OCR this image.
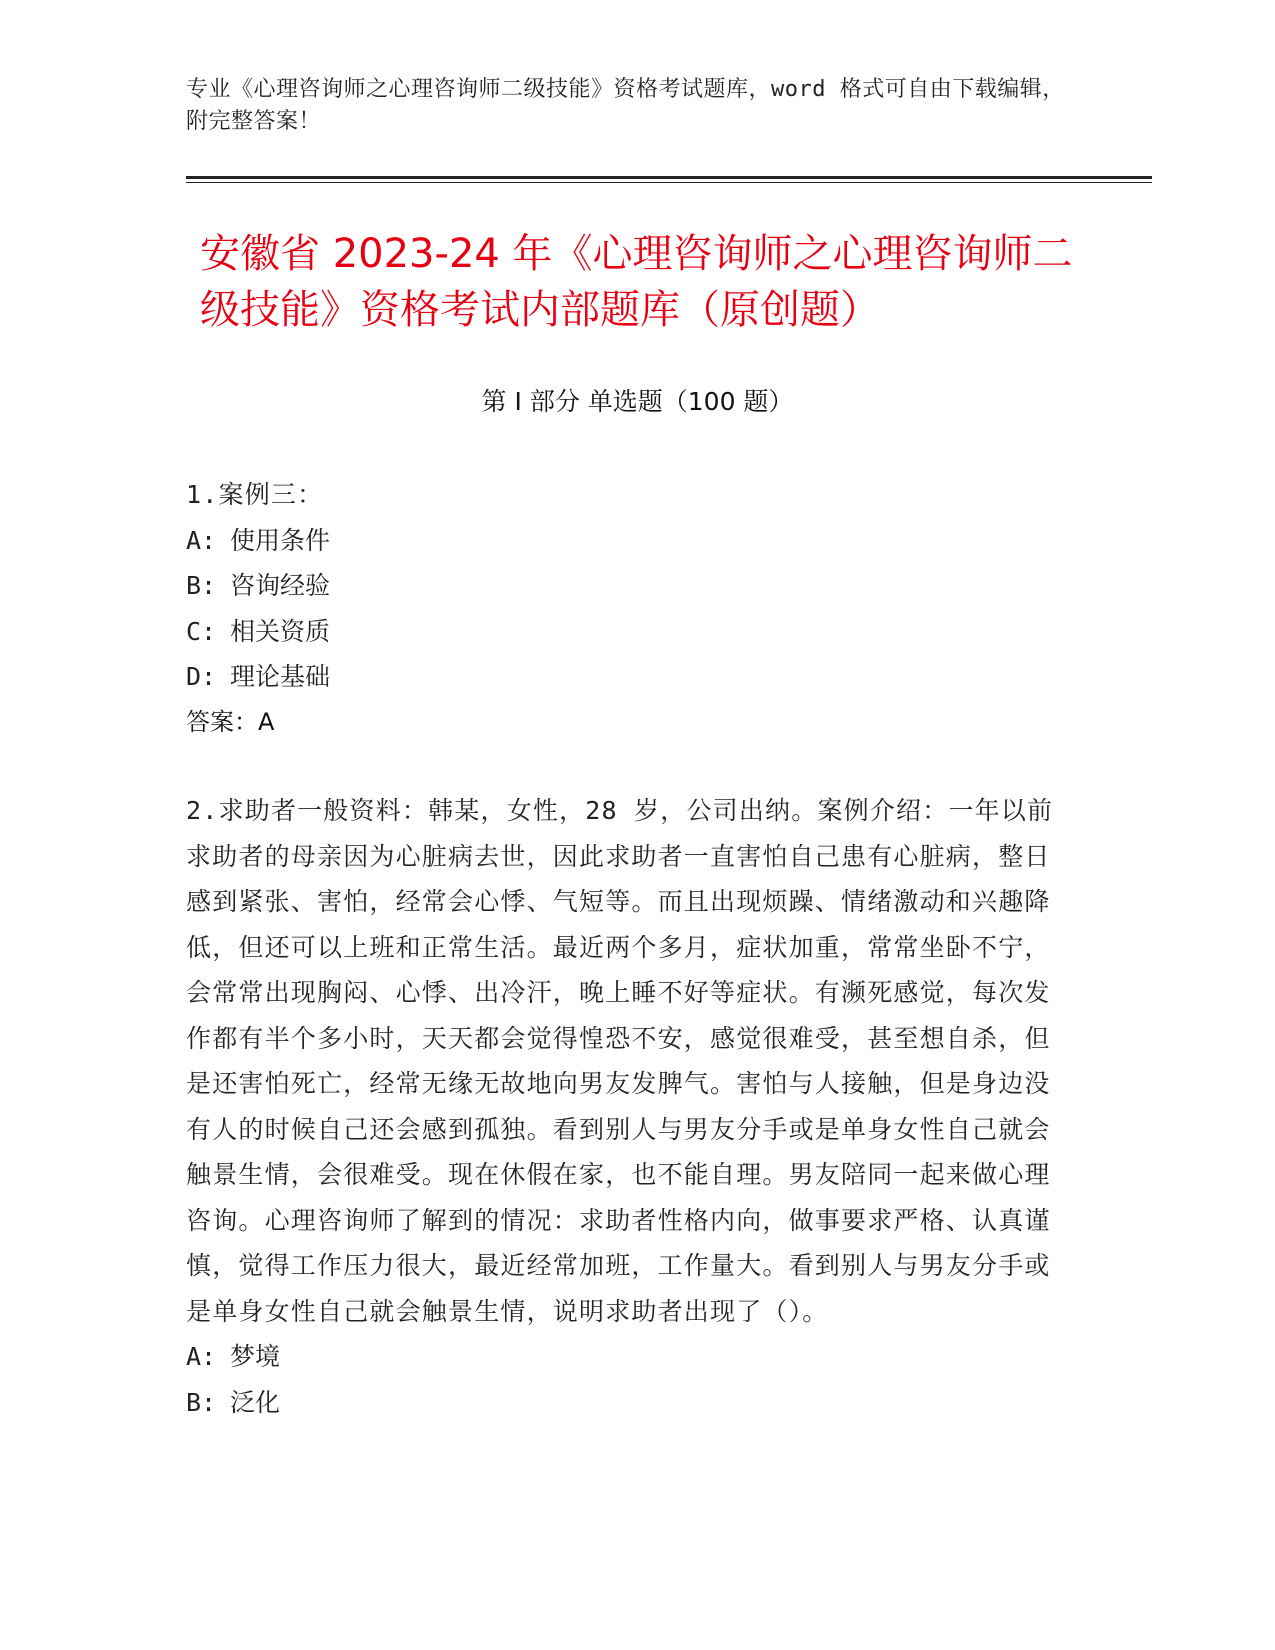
专业《心理咨询师之心理咨询师二级技能》资格考试题库，word 格式可自由下载编辑，附完整答案！
安徽省 2023-24 年《心理咨询师之心理咨询师二级技能》资格考试内部题库（原创题）
第 I 部分 单选题（100 题）
1.案例三：
A: 使用条件
B: 咨询经验
C: 相关资质
D: 理论基础
答案：A
2.求助者一般资料：韩某，女性，28 岁，公司出纳。案例介绍：一年以前求助者的母亲因为心脏病去世，因此求助者一直害怕自己患有心脏病，整日感到紧张、害怕，经常会心悸、气短等。而且出现烦躁、情绪激动和兴趣降低，但还可以上班和正常生活。最近两个多月，症状加重，常常坐卧不宁，会常常出现胸闷、心悸、出冷汗，晚上睡不好等症状。有濒死感觉，每次发作都有半个多小时，天天都会觉得惶恐不安，感觉很难受，甚至想自杀，但是还害怕死亡，经常无缘无故地向男友发脾气。害怕与人接触，但是身边没有人的时候自己还会感到孤独。看到别人与男友分手或是单身女性自己就会触景生情，会很难受。现在休假在家，也不能自理。男友陪同一起来做心理咨询。心理咨询师了解到的情况：求助者性格内向，做事要求严格、认真谨慎，觉得工作压力很大，最近经常加班，工作量大。看到别人与男友分手或是单身女性自己就会触景生情，说明求助者出现了（）。
A: 梦境
B: 泛化
